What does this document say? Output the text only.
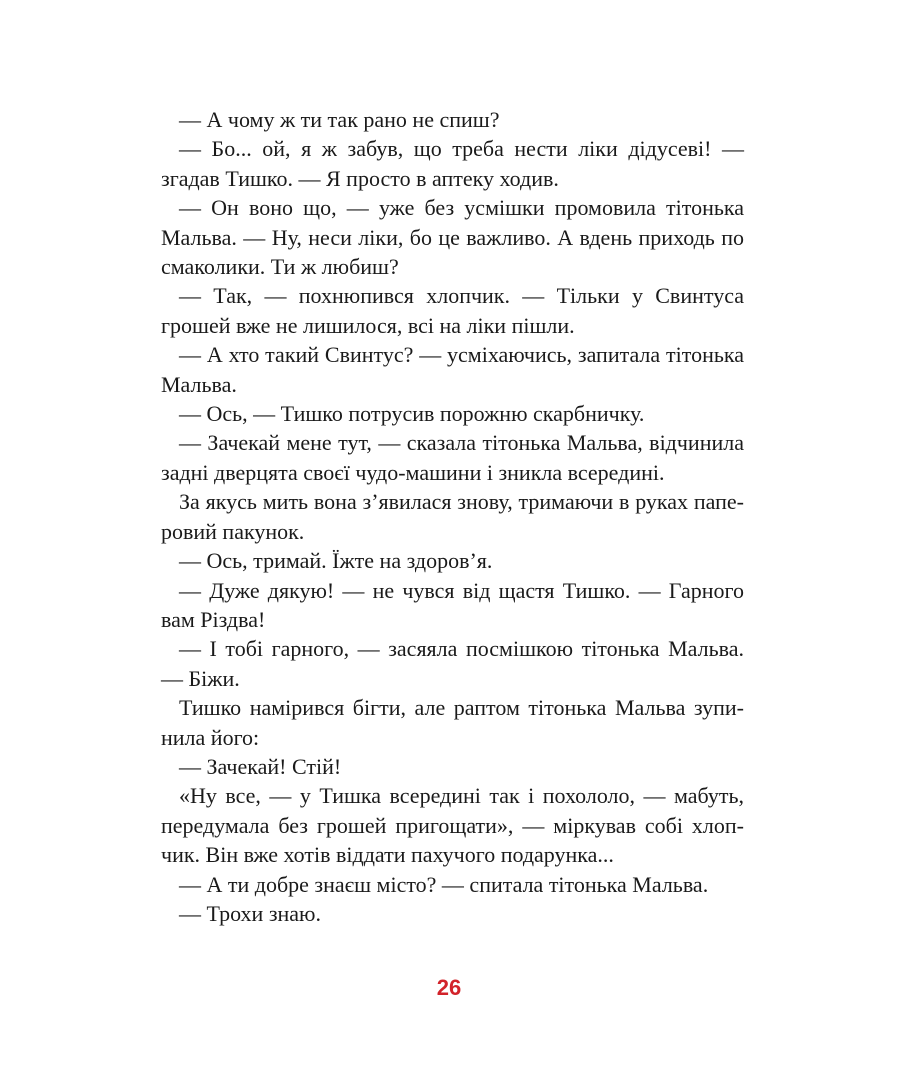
— А чому ж ти так рано не спиш?

— Бо... ой, я ж забув, що треба нести ліки дідусеві! — згадав Тишко. — Я просто в аптеку ходив.

— Он воно що, — уже без усмішки промовила тітонька Мальва. — Ну, неси ліки, бо це важливо. А вдень приходь по смаколики. Ти ж любиш?

— Так, — похнюпився хлопчик. — Тільки у Свинтуса грошей вже не лишилося, всі на ліки пішли.

— А хто такий Свинтус? — усміхаючись, запитала тітонька Мальва.

— Ось, — Тишко потрусив порожню скарбничку.

— Зачекай мене тут, — сказала тітонька Мальва, відчинила задні дверцята своєї чудо-машини і зникла всередині.

За якусь мить вона з’явилася знову, тримаючи в руках паперовий пакунок.

— Ось, тримай. Їжте на здоров’я.

— Дуже дякую! — не чувся від щастя Тишко. — Гарного вам Різдва!

— І тобі гарного, — засяяла посмішкою тітонька Мальва. — Біжи.

Тишко намірився бігти, але раптом тітонька Мальва зупинила його:

— Зачекай! Стій!

«Ну все, — у Тишка всередині так і похололо, — мабуть, передумала без грошей пригощати», — міркував собі хлопчик. Він вже хотів віддати пахучого подарунка...

— А ти добре знаєш місто? — спитала тітонька Мальва.

— Трохи знаю.

26
